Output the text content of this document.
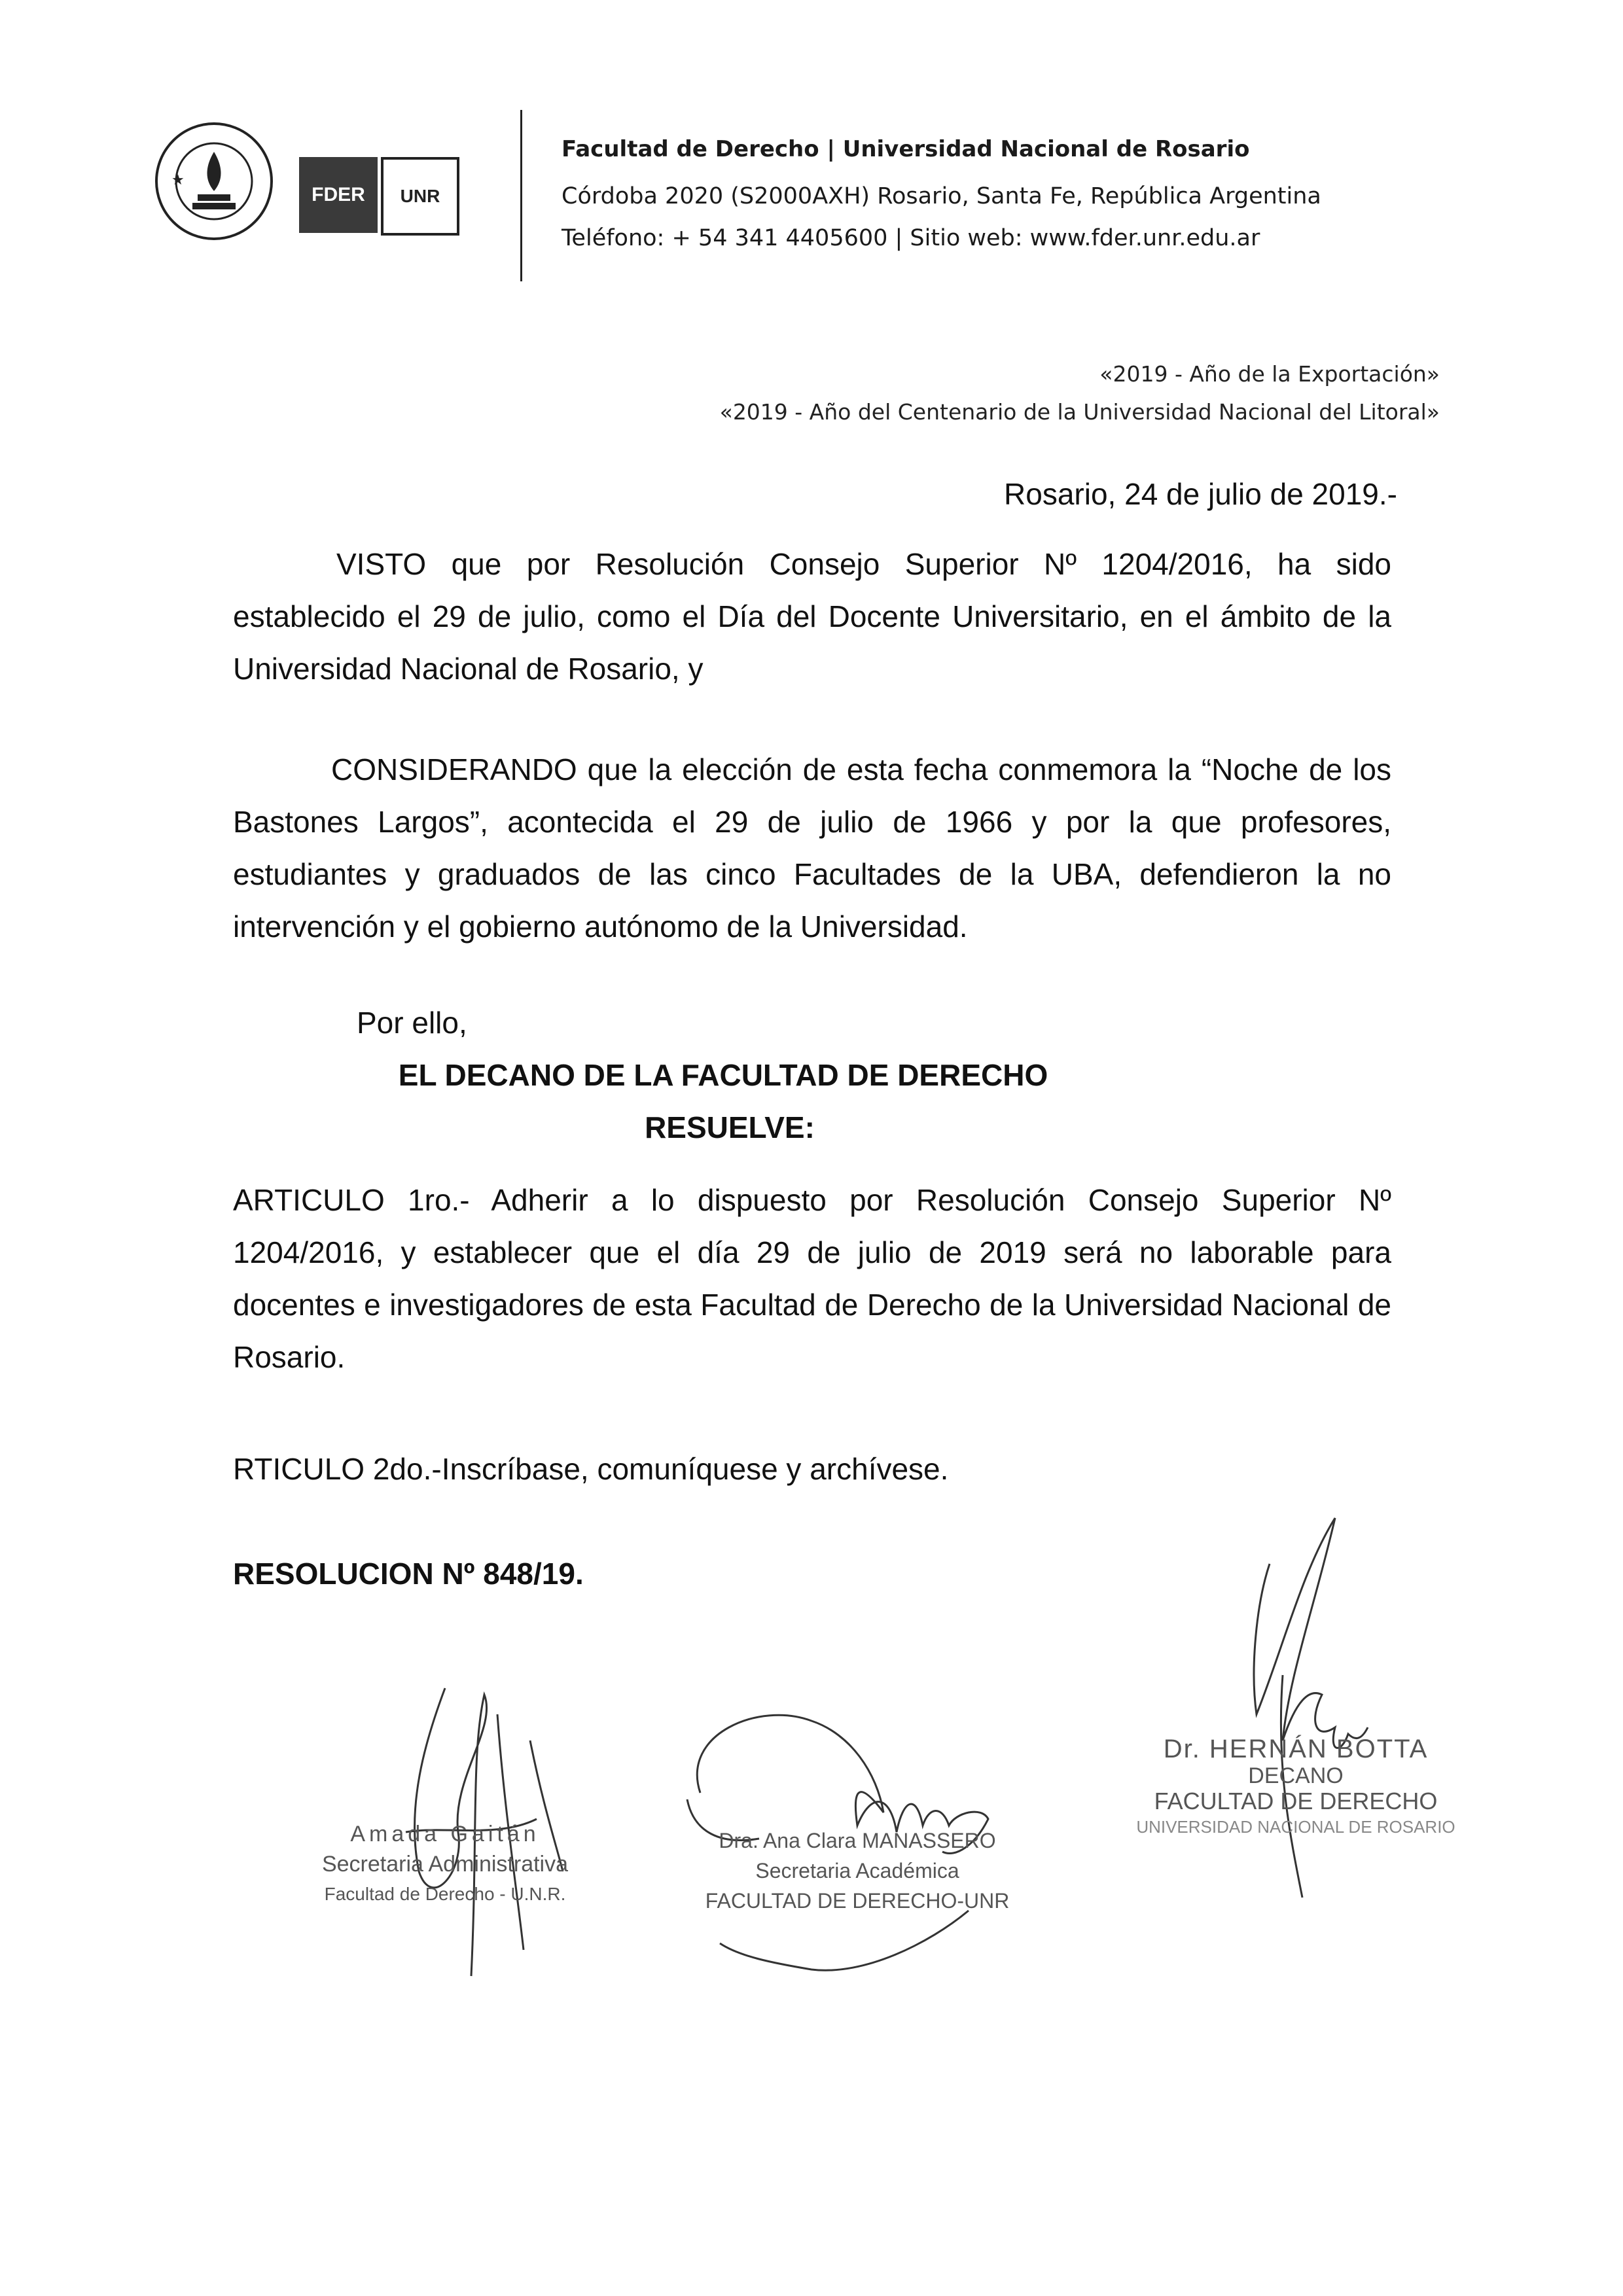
★
FDER	UNR
Facultad de Derecho | Universidad Nacional de Rosario
Córdoba 2020 (S2000AXH) Rosario, Santa Fe, República Argentina
Teléfono: + 54 341 4405600 | Sitio web: www.fder.unr.edu.ar
«2019 - Año de la Exportación»
«2019 - Año del Centenario de la Universidad Nacional del Litoral»
Rosario, 24 de julio de 2019.-
VISTO que por Resolución Consejo Superior Nº 1204/2016, ha sido establecido el 29 de julio, como el Día del Docente Universitario, en el ámbito de la Universidad Nacional de Rosario, y
CONSIDERANDO que la elección de esta fecha conmemora la “Noche de los Bastones Largos”, acontecida el 29 de julio de 1966 y por la que profesores, estudiantes y graduados de las cinco Facultades de la UBA, defendieron la no intervención y el gobierno autónomo de la Universidad.
Por ello,
EL DECANO DE LA FACULTAD DE DERECHO
RESUELVE:
ARTICULO 1ro.- Adherir a lo dispuesto por Resolución Consejo Superior Nº 1204/2016, y establecer que el día 29 de julio de 2019 será no laborable para docentes e investigadores de esta Facultad de Derecho de la Universidad Nacional de Rosario.
RTICULO 2do.-Inscríbase, comuníquese y archívese.
RESOLUCION Nº 848/19.
Amada Gaitán
Secretaria Administrativa
Facultad de Derecho - U.N.R.
Dra. Ana Clara MANASSERO
Secretaria Académica
FACULTAD DE DERECHO-UNR
Dr. HERNÁN BOTTA
DECANO
FACULTAD DE DERECHO
UNIVERSIDAD NACIONAL DE ROSARIO
